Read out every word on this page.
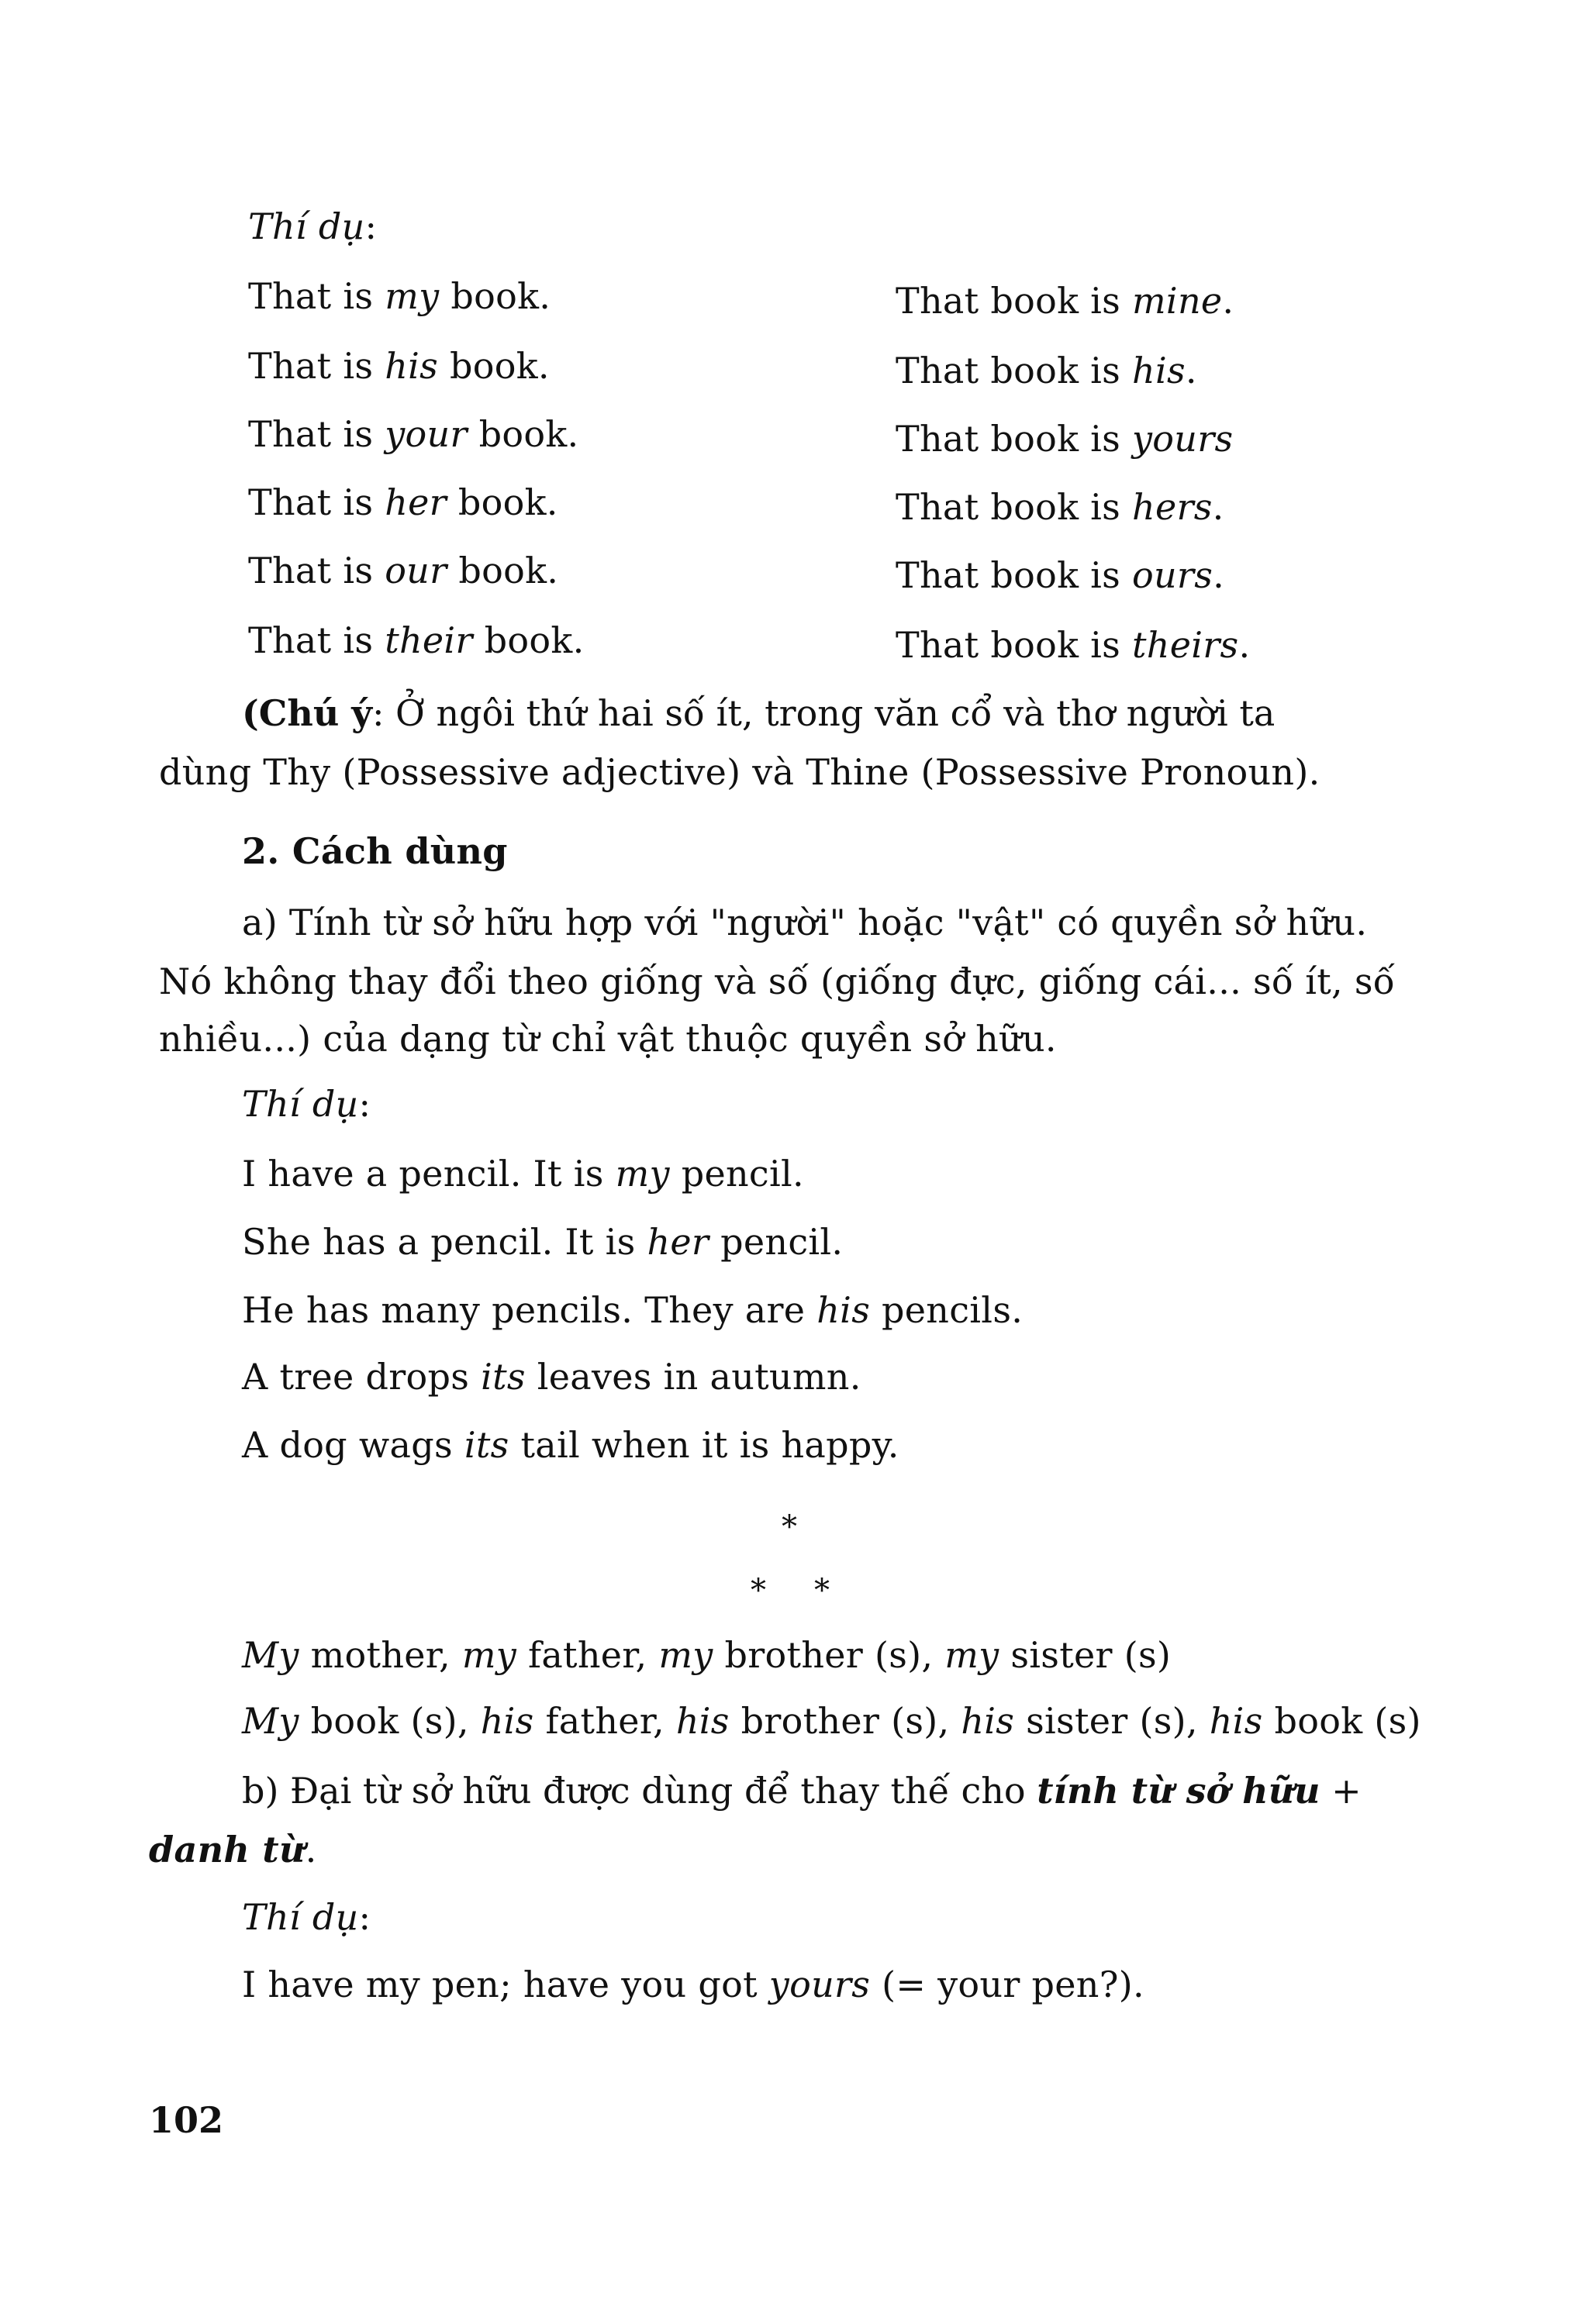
Thí dụ:
That is my book.	That book is mine.
That is his book.	That book is his.
That is your book.	That book is yours
That is her book.	That book is hers.
That is our book.	That book is ours.
That is their book.	That book is theirs.
(Chú ý: Ở ngôi thứ hai số ít, trong văn cổ và thơ người ta
dùng Thy (Possessive adjective) và Thine (Possessive Pronoun).
2. Cách dùng
a) Tính từ sở hữu hợp với "người" hoặc "vật" có quyền sở hữu.
Nó không thay đổi theo giống và số (giống đực, giống cái... số ít, số
nhiều...) của dạng từ chỉ vật thuộc quyền sở hữu.
Thí dụ:
I have a pencil. It is my pencil.
She has a pencil. It is her pencil.
He has many pencils. They are his pencils.
A tree drops its leaves in autumn.
A dog wags its tail when it is happy.
*
* *
My mother, my father, my brother (s), my sister (s)
My book (s), his father, his brother (s), his sister (s), his book (s)
b) Đại từ sở hữu được dùng để thay thế cho tính từ sở hữu +
danh từ.
Thí dụ:
I have my pen; have you got yours (= your pen?).
102
